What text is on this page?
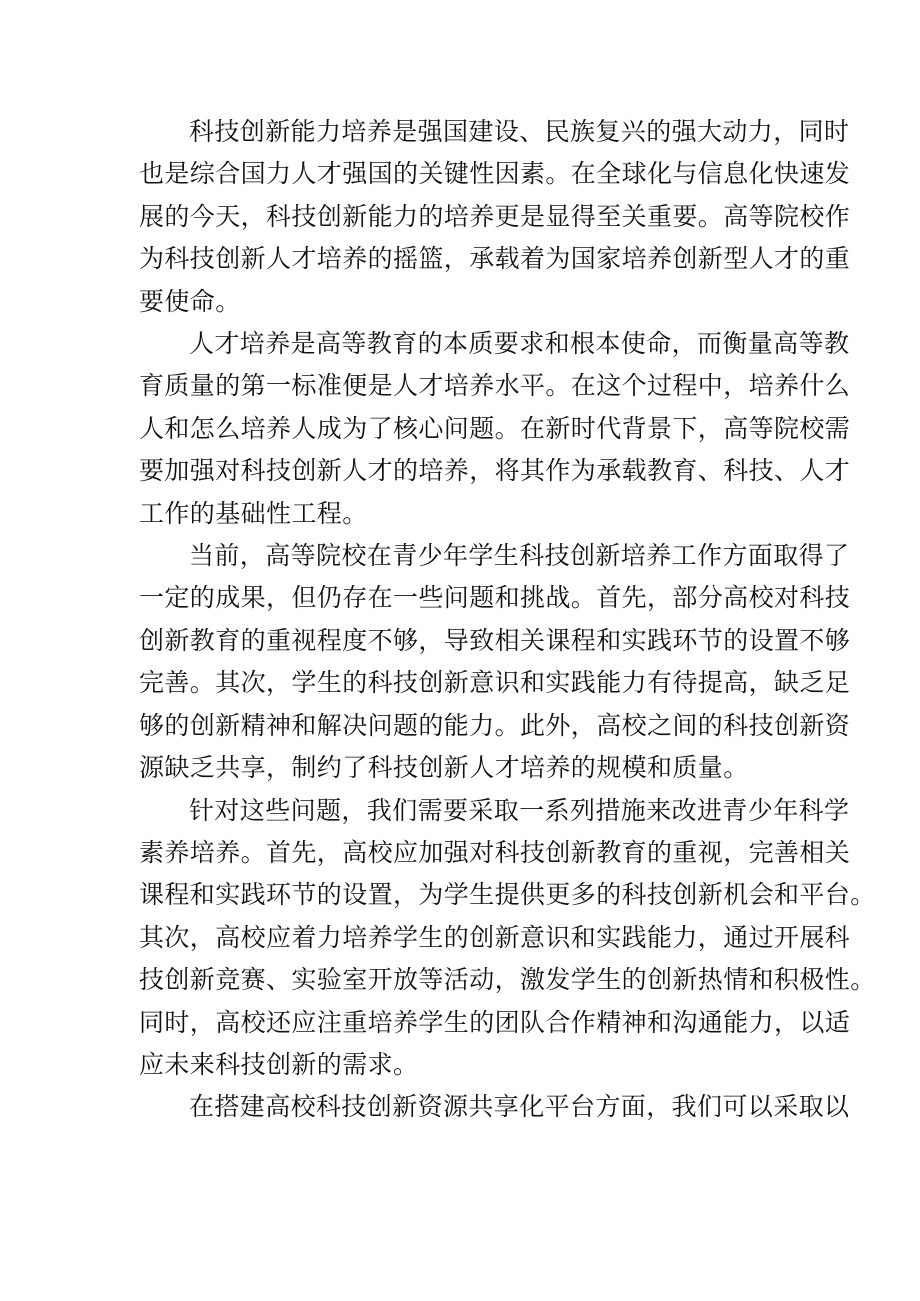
科技创新能力培养是强国建设、民族复兴的强大动力，同时
也是综合国力人才强国的关键性因素。在全球化与信息化快速发
展的今天，科技创新能力的培养更是显得至关重要。高等院校作
为科技创新人才培养的摇篮，承载着为国家培养创新型人才的重
要使命。

人才培养是高等教育的本质要求和根本使命，而衡量高等教
育质量的第一标准便是人才培养水平。在这个过程中，培养什么
人和怎么培养人成为了核心问题。在新时代背景下，高等院校需
要加强对科技创新人才的培养，将其作为承载教育、科技、人才
工作的基础性工程。

当前，高等院校在青少年学生科技创新培养工作方面取得了
一定的成果，但仍存在一些问题和挑战。首先，部分高校对科技
创新教育的重视程度不够，导致相关课程和实践环节的设置不够
完善。其次，学生的科技创新意识和实践能力有待提高，缺乏足
够的创新精神和解决问题的能力。此外，高校之间的科技创新资
源缺乏共享，制约了科技创新人才培养的规模和质量。

针对这些问题，我们需要采取一系列措施来改进青少年科学
素养培养。首先，高校应加强对科技创新教育的重视，完善相关
课程和实践环节的设置，为学生提供更多的科技创新机会和平台。
其次，高校应着力培养学生的创新意识和实践能力，通过开展科
技创新竞赛、实验室开放等活动，激发学生的创新热情和积极性。
同时，高校还应注重培养学生的团队合作精神和沟通能力，以适
应未来科技创新的需求。

在搭建高校科技创新资源共享化平台方面，我们可以采取以
